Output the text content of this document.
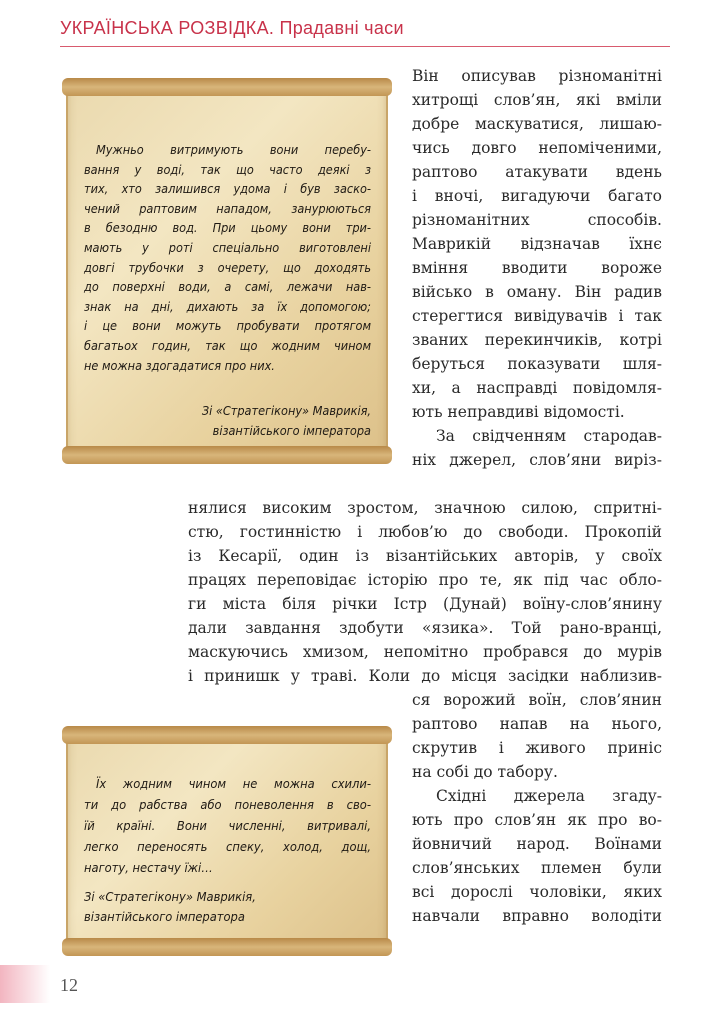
УКРАЇНСЬКА РОЗВІДКА. Прадавні часи
Мужньо витримують вони перебу-
вання у воді, так що часто деякі з
тих, хто залишився удома і був заско-
чений раптовим нападом, занурюються
в безодню вод. При цьому вони три-
мають у роті спеціально виготовлені
довгі трубочки з очерету, що доходять
до поверхні води, а самі, лежачи нав-
знак на дні, дихають за їх допомогою;
і це вони можуть пробувати протягом
багатьох годин, так що жодним чином
не можна здогадатися про них.
Зі «Стратегікону» Маврикія,
візантійського імператора
Їх жодним чином не можна схили-
ти до рабства або поневолення в сво-
їй країні. Вони численні, витривалі,
легко переносять спеку, холод, дощ,
наготу, нестачу їжі…
Зі «Стратегікону» Маврикія,
візантійського імператора
Він описував різноманітні
хитрощі слов’ян, які вміли
добре маскуватися, лишаю-
чись довго непоміченими,
раптово атакувати вдень
і вночі, вигадуючи багато
різноманітних способів.
Маврикій відзначав їхнє
вміння вводити вороже
військо в оману. Він радив
стерегтися вивідувачів і так
званих перекинчиків, котрі
беруться показувати шля-
хи, а насправді повідомля-
ють неправдиві відомості.
За свідченням стародав-
ніх джерел, слов’яни виріз-
нялися високим зростом, значною силою, спритні-
стю, гостинністю і любов’ю до свободи. Прокопій
із Кесарії, один із візантійських авторів, у своїх
працях переповідає історію про те, як під час обло-
ги міста біля річки Істр (Дунай) воїну-слов’янину
дали завдання здобути «язика». Той рано-вранці,
маскуючись хмизом, непомітно пробрався до мурів
і принишк у траві. Коли до місця засідки наблизив-
ся ворожий воїн, слов’янин
раптово напав на нього,
скрутив і живого приніс
на собі до табору.
Східні джерела згаду-
ють про слов’ян як про во-
йовничий народ. Воїнами
слов’янських племен були
всі дорослі чоловіки, яких
навчали вправно володіти
12
